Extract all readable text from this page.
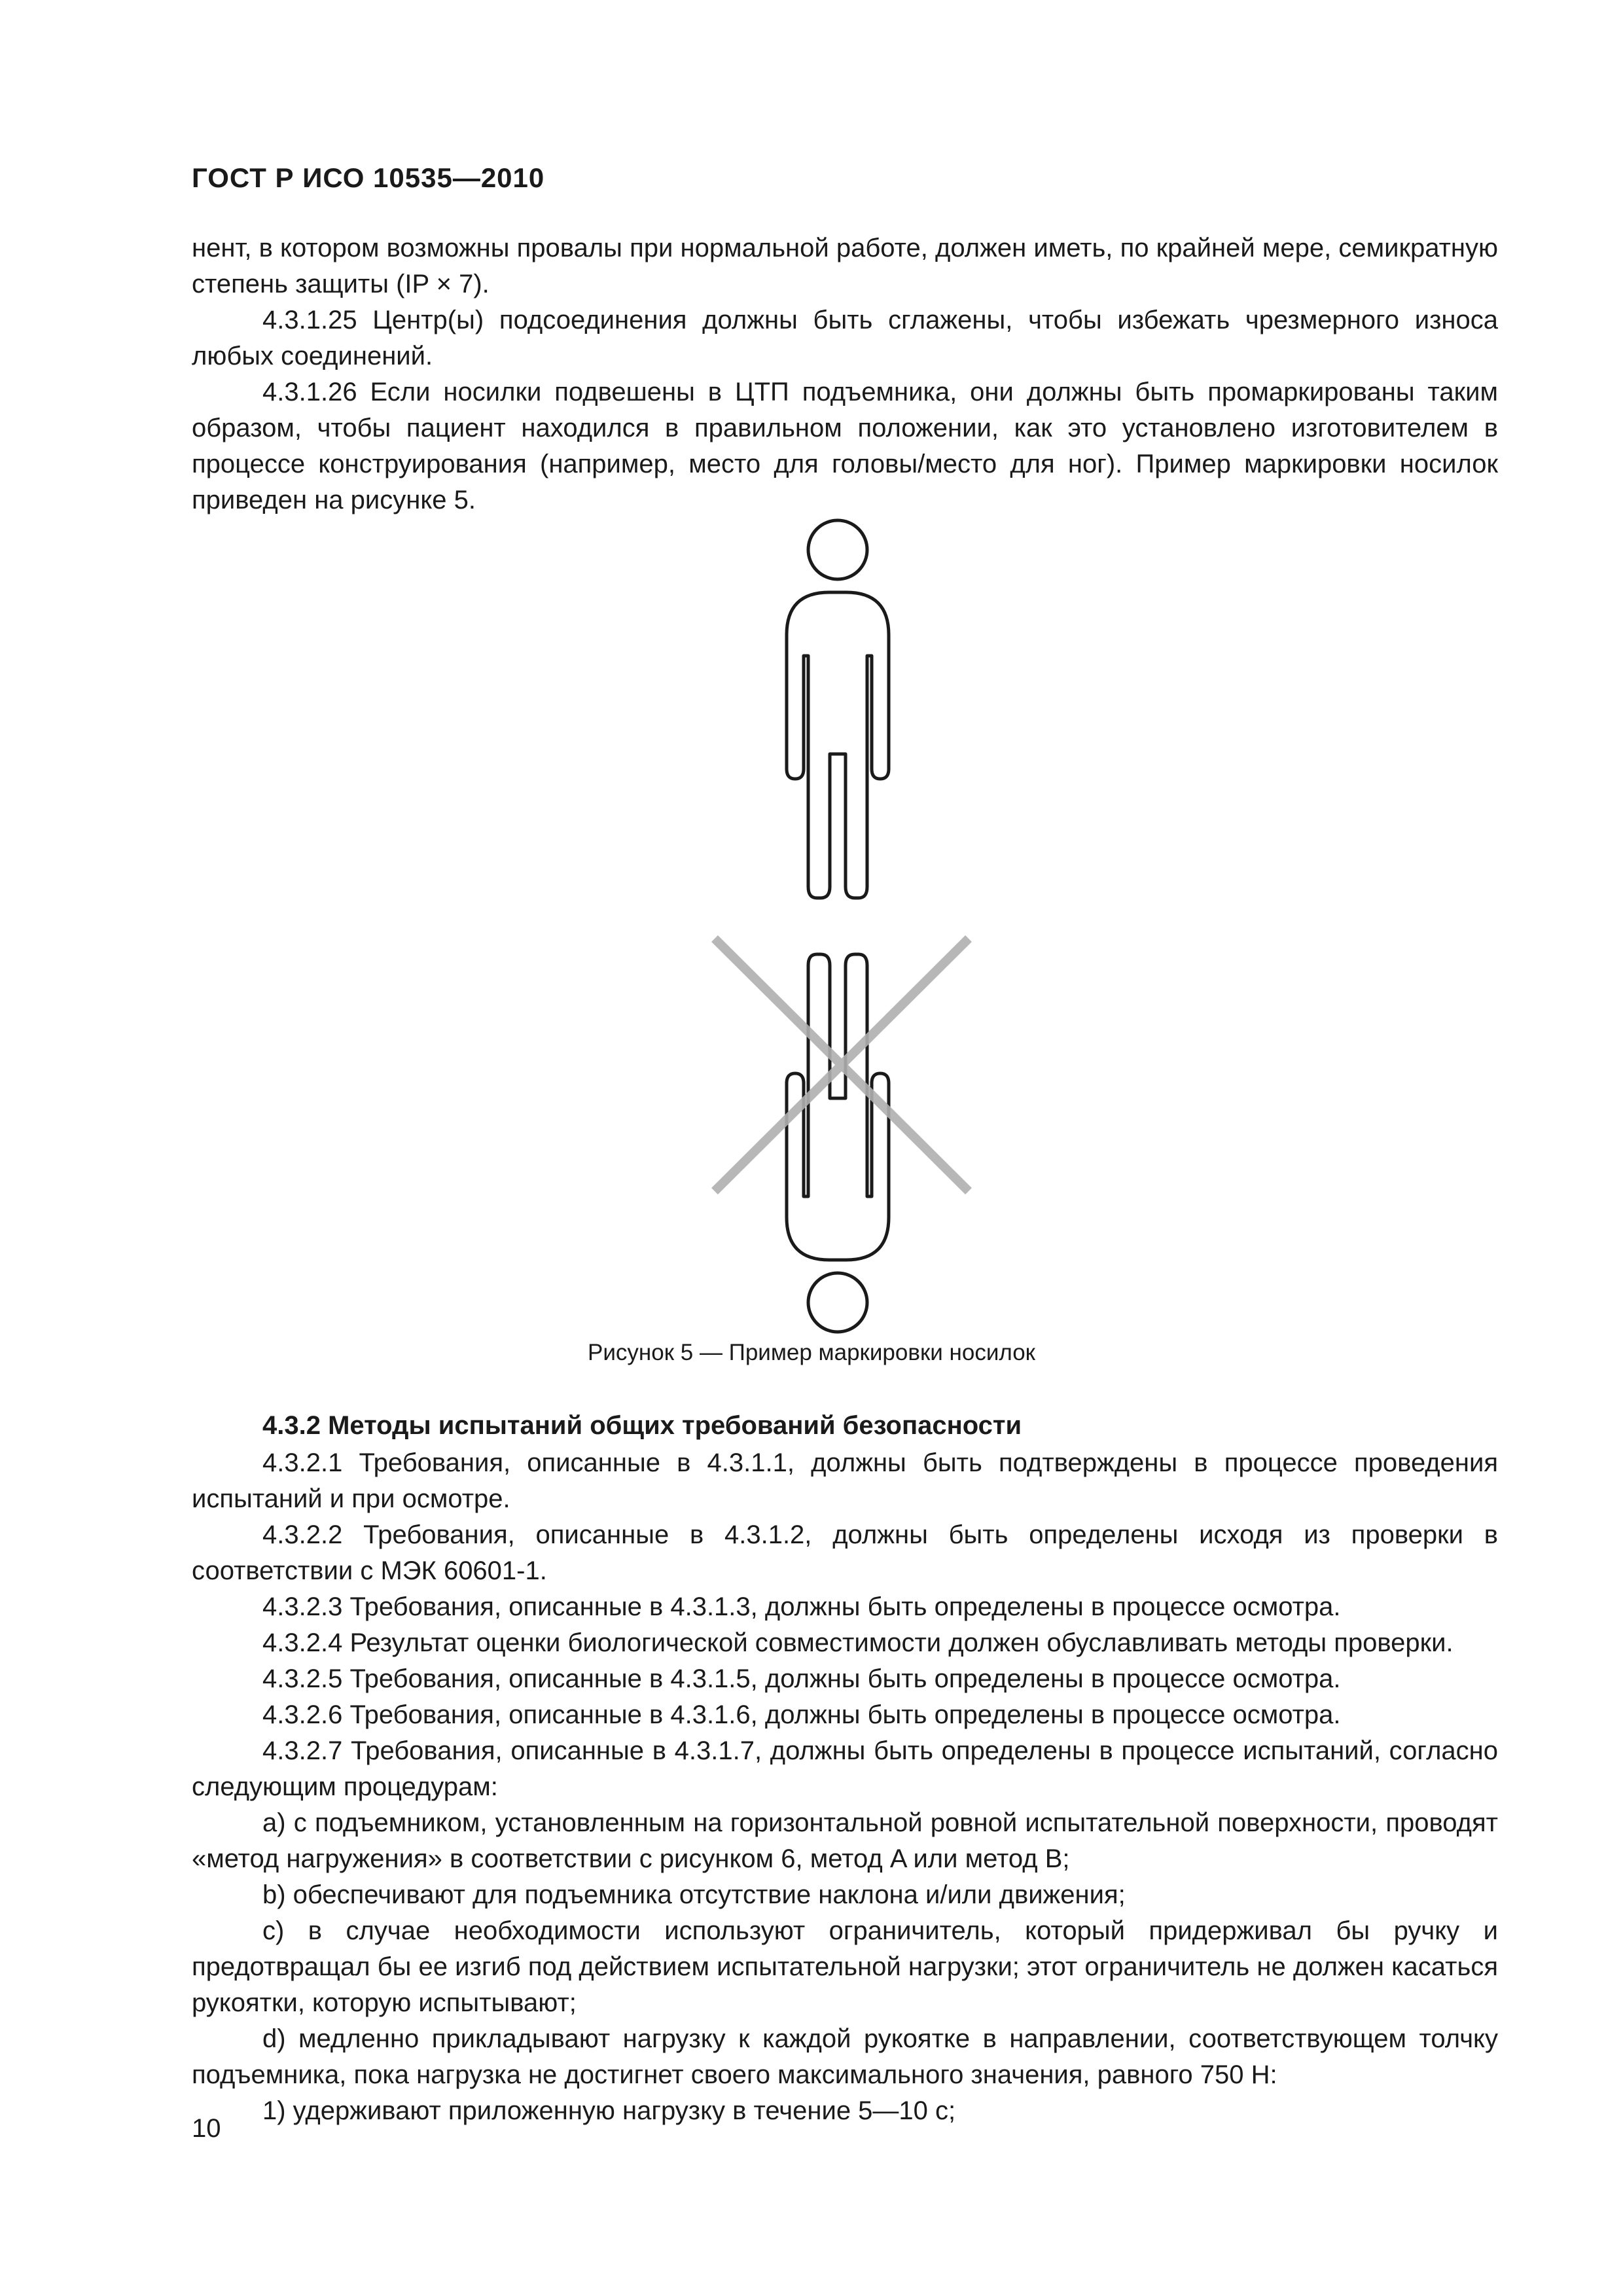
ГОСТ Р ИСО 10535—2010

нент, в котором возможны провалы при нормальной работе, должен иметь, по крайней мере, семикратную степень защиты (IP × 7).

4.3.1.25 Центр(ы) подсоединения должны быть сглажены, чтобы избежать чрезмерного износа любых соединений.

4.3.1.26 Если носилки подвешены в ЦТП подъемника, они должны быть промаркированы таким образом, чтобы пациент находился в правильном положении, как это установлено изготовителем в процессе конструирования (например, место для головы/место для ног). Пример маркировки носилок приведен на рисунке 5.

Рисунок 5 — Пример маркировки носилок
4.3.2 Методы испытаний общих требований безопасности

4.3.2.1 Требования, описанные в 4.3.1.1, должны быть подтверждены в процессе проведения испытаний и при осмотре.

4.3.2.2 Требования, описанные в 4.3.1.2, должны быть определены исходя из проверки в соответствии с МЭК 60601-1.

4.3.2.3 Требования, описанные в 4.3.1.3, должны быть определены в процессе осмотра.

4.3.2.4 Результат оценки биологической совместимости должен обуславливать методы проверки.

4.3.2.5 Требования, описанные в 4.3.1.5, должны быть определены в процессе осмотра.

4.3.2.6 Требования, описанные в 4.3.1.6, должны быть определены в процессе осмотра.

4.3.2.7 Требования, описанные в 4.3.1.7, должны быть определены в процессе испытаний, согласно следующим процедурам:

a) с подъемником, установленным на горизонтальной ровной испытательной поверхности, проводят «метод нагружения» в соответствии с рисунком 6, метод A или метод B;

b) обеспечивают для подъемника отсутствие наклона и/или движения;

c) в случае необходимости используют ограничитель, который придерживал бы ручку и предотвращал бы ее изгиб под действием испытательной нагрузки; этот ограничитель не должен касаться рукоятки, которую испытывают;

d) медленно прикладывают нагрузку к каждой рукоятке в направлении, соответствующем толчку подъемника, пока нагрузка не достигнет своего максимального значения, равного 750 Н:

1) удерживают приложенную нагрузку в течение 5—10 с;

10
